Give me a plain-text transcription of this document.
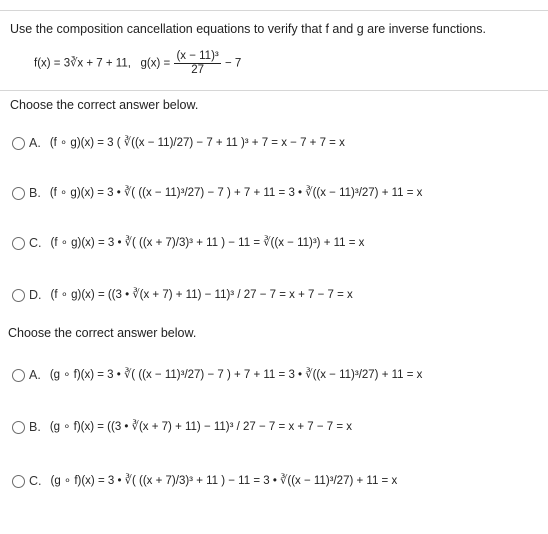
Use the composition cancellation equations to verify that f and g are inverse functions.
f(x) = 3∛x + 7 + 11, $g(x) = \frac{\text{(x − 11)³}}{27} - 7$
Choose the correct answer below.
A. (f ∘ g)(x) = 3 ( ∛((x − 11)/27) − 7 + 11 )³ + 7 = x − 7 + 7 = x
B. (f ∘ g)(x) = 3 • ∛( ((x − 11)³/27) − 7 ) + 7 + 11 = 3 • ∛((x − 11)³/27) + 11 = x
C. (f ∘ g)(x) = 3 • ∛( ((x + 7)/3)³ + 11 ) − 11 = ∛((x − 11)³) + 11 = x
D. (f ∘ g)(x) = ((3 • ∛(x + 7) + 11) − 11)³ / 27 − 7 = x + 7 − 7 = x
Choose the correct answer below.
A. (g ∘ f)(x) = 3 • ∛( ((x − 11)³/27) − 7 ) + 7 + 11 = 3 • ∛((x − 11)³/27) + 11 = x
B. (g ∘ f)(x) = ((3 • ∛(x + 7) + 11) − 11)³ / 27 − 7 = x + 7 − 7 = x
C. (g ∘ f)(x) = 3 • ∛( ((x + 7)/3)³ + 11 ) − 11 = 3 • ∛((x − 11)³/27) + 11 = x
